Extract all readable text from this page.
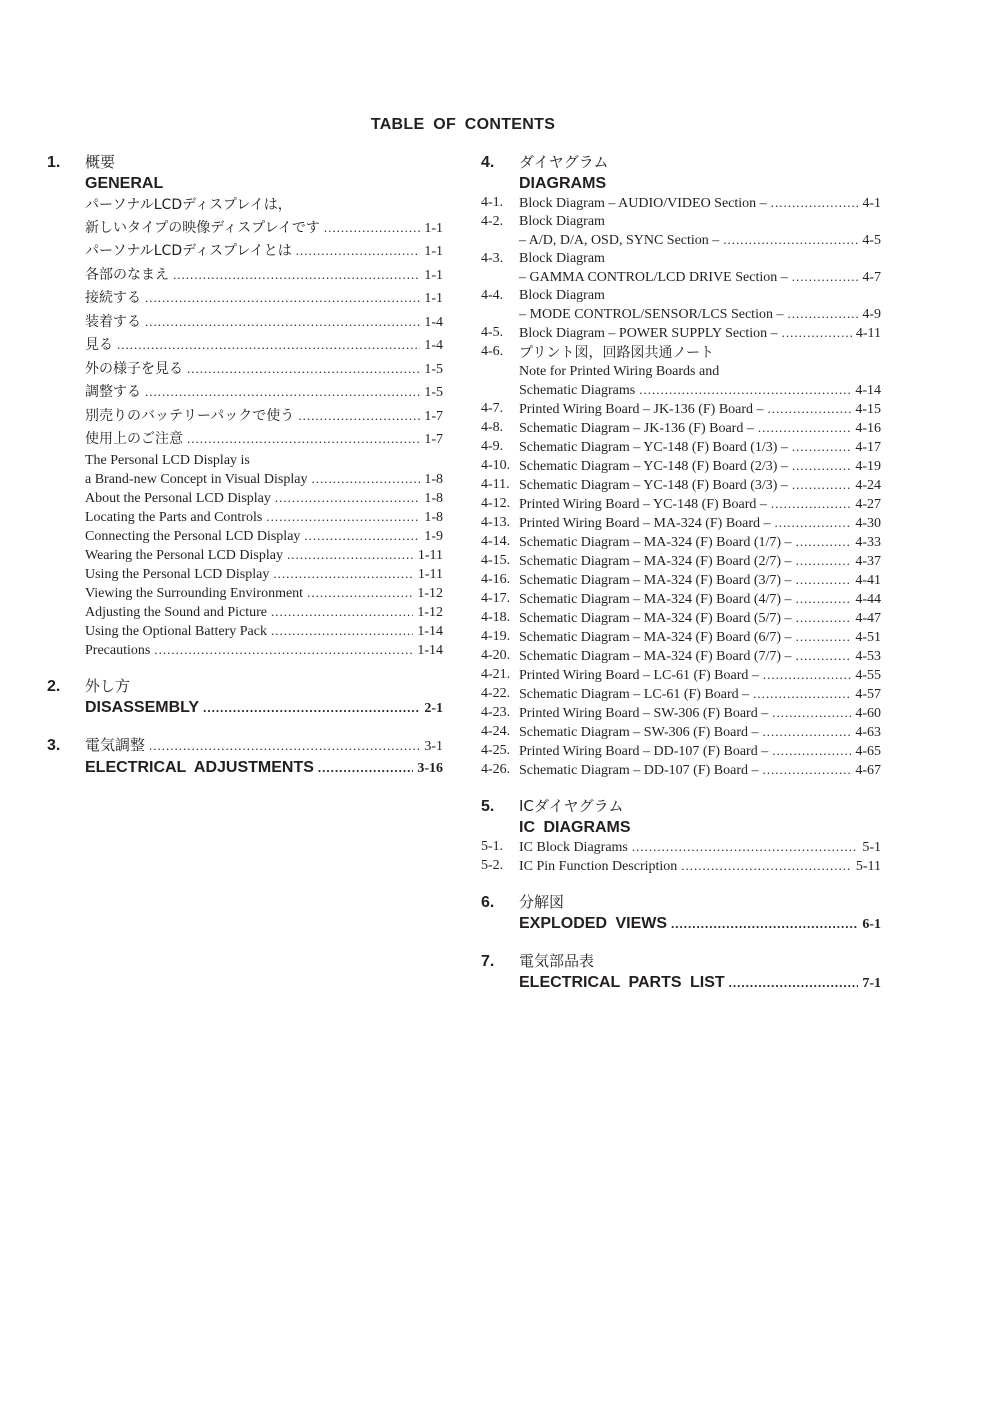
TABLE OF CONTENTS
1. 概要
GENERAL
パーソナルLCDディスプレイは，
新しいタイプの映像ディスプレイです .....	1-1
パーソナルLCDディスプレイとは .....	1-1
各部のなまえ .....	1-1
接続する .....	1-1
装着する .....	1-4
見る .....	1-4
外の様子を見る .....	1-5
調整する .....	1-5
別売りのバッテリーパックで使う .....	1-7
使用上のご注意 .....	1-7
The Personal LCD Display is
a Brand-new Concept in Visual Display .....	1-8
About the Personal LCD Display .....	1-8
Locating the Parts and Controls .....	1-8
Connecting the Personal LCD Display .....	1-9
Wearing the Personal LCD Display .....	1-11
Using the Personal LCD Display .....	1-11
Viewing the Surrounding Environment .....	1-12
Adjusting the Sound and Picture .....	1-12
Using the Optional Battery Pack .....	1-14
Precautions .....	1-14
2. 外し方
DISASSEMBLY .....	2-1
3. 電気調整 .....	3-1
ELECTRICAL ADJUSTMENTS .....	3-16
4. ダイヤグラム
DIAGRAMS
4-1. Block Diagram – AUDIO/VIDEO Section – .....	4-1
4-2. Block Diagram
– A/D, D/A, OSD, SYNC Section – .....	4-5
4-3. Block Diagram
– GAMMA CONTROL/LCD DRIVE Section – .....	4-7
4-4. Block Diagram
– MODE CONTROL/SENSOR/LCS Section – .....	4-9
4-5. Block Diagram – POWER SUPPLY Section – .....	4-11
4-6. プリント図，回路図共通ノート
Note for Printed Wiring Boards and
Schematic Diagrams .....	4-14
4-7. Printed Wiring Board – JK-136 (F) Board – .....	4-15
4-8. Schematic Diagram – JK-136 (F) Board – .....	4-16
4-9. Schematic Diagram – YC-148 (F) Board (1/3) – .....	4-17
4-10. Schematic Diagram – YC-148 (F) Board (2/3) – .....	4-19
4-11. Schematic Diagram – YC-148 (F) Board (3/3) – .....	4-24
4-12. Printed Wiring Board – YC-148 (F) Board – .....	4-27
4-13. Printed Wiring Board – MA-324 (F) Board – .....	4-30
4-14. Schematic Diagram – MA-324 (F) Board (1/7) – .....	4-33
4-15. Schematic Diagram – MA-324 (F) Board (2/7) – .....	4-37
4-16. Schematic Diagram – MA-324 (F) Board (3/7) – .....	4-41
4-17. Schematic Diagram – MA-324 (F) Board (4/7) – .....	4-44
4-18. Schematic Diagram – MA-324 (F) Board (5/7) – .....	4-47
4-19. Schematic Diagram – MA-324 (F) Board (6/7) – .....	4-51
4-20. Schematic Diagram – MA-324 (F) Board (7/7) – .....	4-53
4-21. Printed Wiring Board – LC-61 (F) Board – .....	4-55
4-22. Schematic Diagram – LC-61 (F) Board – .....	4-57
4-23. Printed Wiring Board – SW-306 (F) Board – .....	4-60
4-24. Schematic Diagram – SW-306 (F) Board – .....	4-63
4-25. Printed Wiring Board – DD-107 (F) Board – .....	4-65
4-26. Schematic Diagram – DD-107 (F) Board – .....	4-67
5. ICダイヤグラム
IC DIAGRAMS
5-1. IC Block Diagrams .....	5-1
5-2. IC Pin Function Description .....	5-11
6. 分解図
EXPLODED VIEWS .....	6-1
7. 電気部品表
ELECTRICAL PARTS LIST .....	7-1
